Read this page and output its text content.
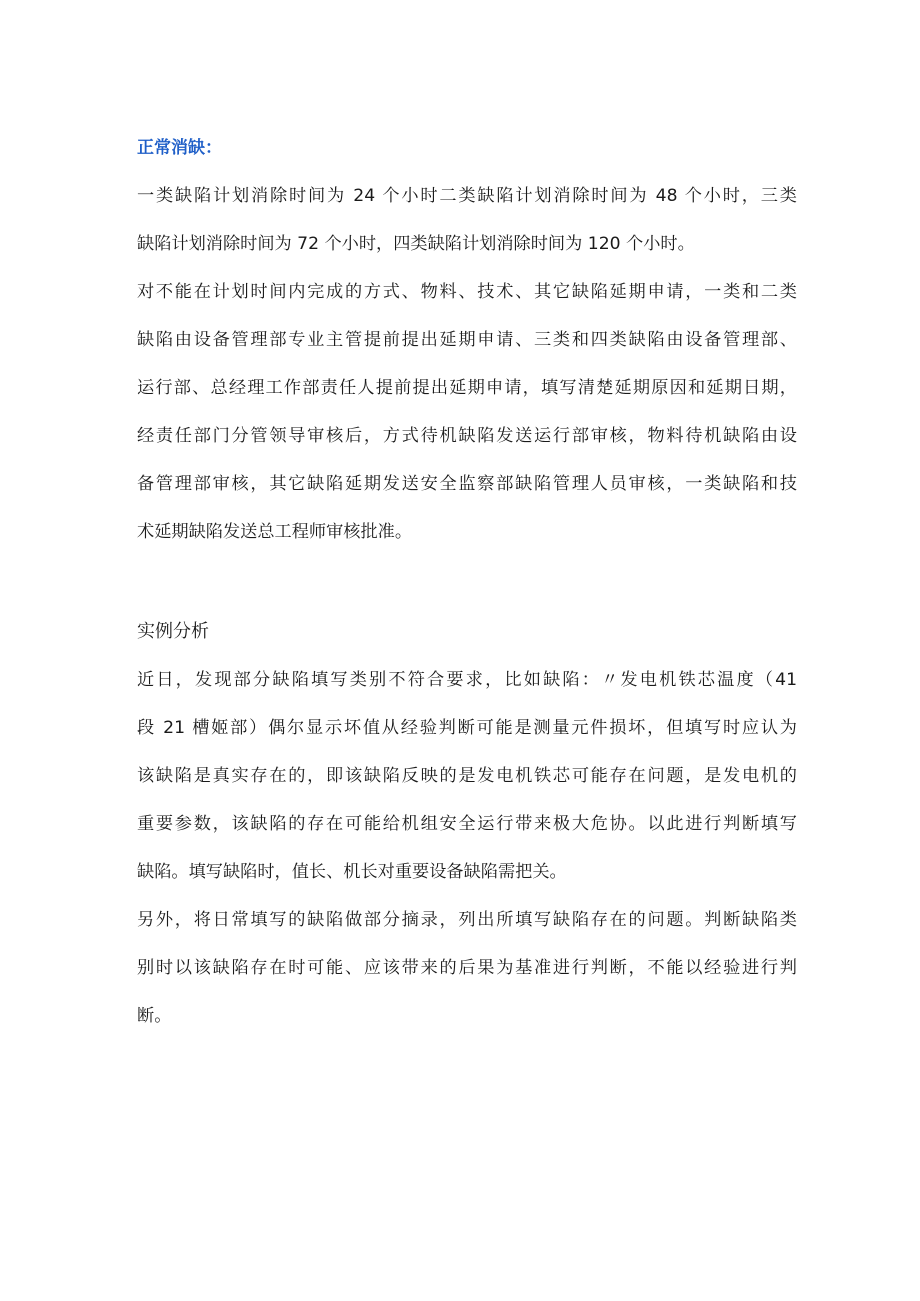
正常消缺：
一类缺陷计划消除时间为 24 个小时二类缺陷计划消除时间为 48 个小时，三类
缺陷计划消除时间为 72 个小时，四类缺陷计划消除时间为 120 个小时。
对不能在计划时间内完成的方式、物料、技术、其它缺陷延期申请，一类和二类
缺陷由设备管理部专业主管提前提出延期申请、三类和四类缺陷由设备管理部、
运行部、总经理工作部责任人提前提出延期申请，填写清楚延期原因和延期日期，
经责任部门分管领导审核后，方式待机缺陷发送运行部审核，物料待机缺陷由设
备管理部审核，其它缺陷延期发送安全监察部缺陷管理人员审核，一类缺陷和技
术延期缺陷发送总工程师审核批准。
实例分析
近日，发现部分缺陷填写类别不符合要求，比如缺陷：〃发电机铁芯温度（41
段 21 槽姬部）偶尔显示坏值从经验判断可能是测量元件损坏，但填写时应认为
该缺陷是真实存在的，即该缺陷反映的是发电机铁芯可能存在问题，是发电机的
重要参数，该缺陷的存在可能给机组安全运行带来极大危协。以此进行判断填写
缺陷。填写缺陷时，值长、机长对重要设备缺陷需把关。
另外，将日常填写的缺陷做部分摘录，列出所填写缺陷存在的问题。判断缺陷类
别时以该缺陷存在时可能、应该带来的后果为基准进行判断，不能以经验进行判
断。
